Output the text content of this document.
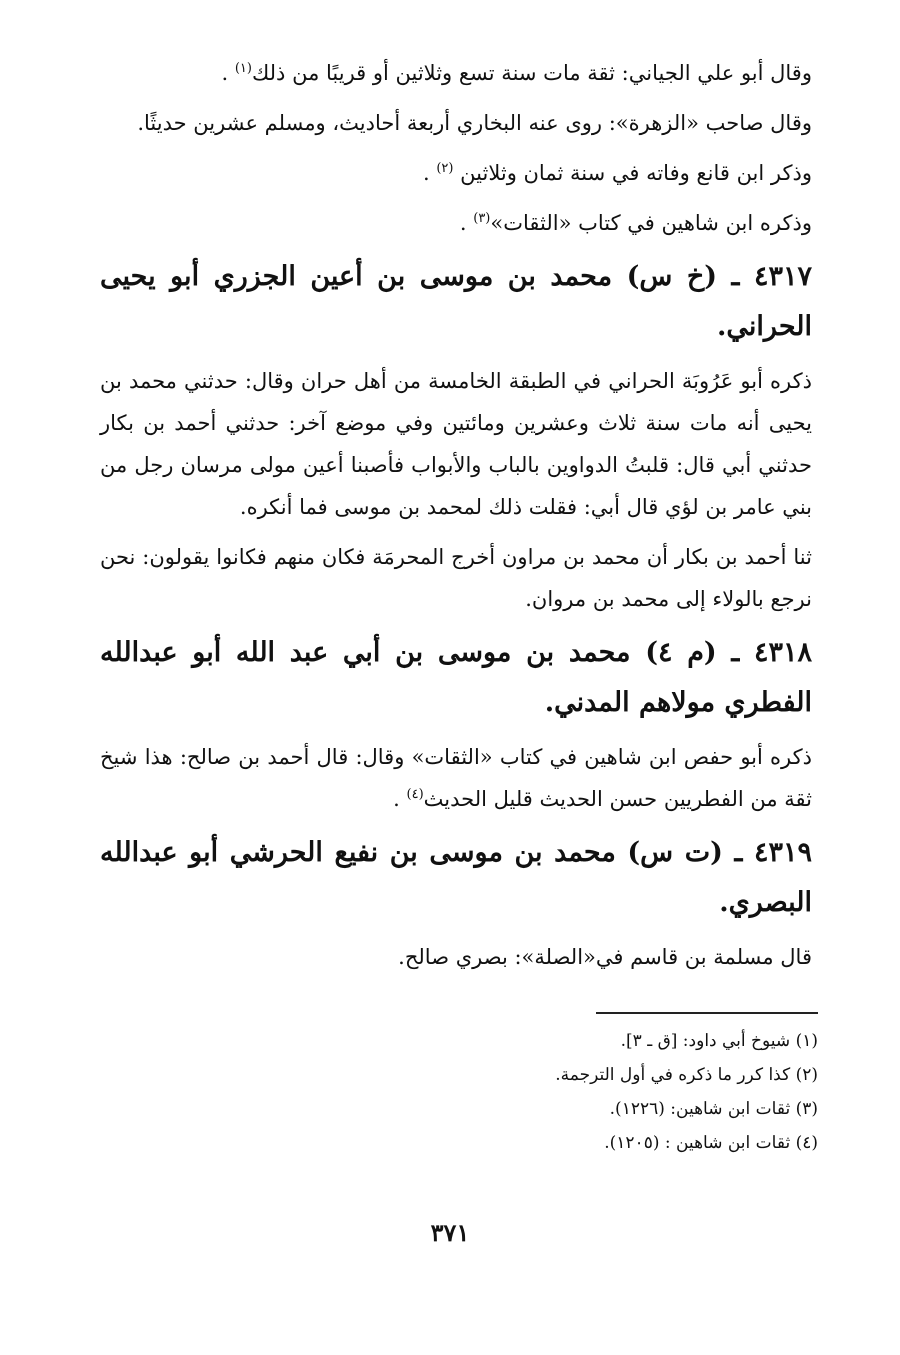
وقال أبو علي الجياني: ثقة مات سنة تسع وثلاثين أو قريبًا من ذلك$^{(١)}$ .

وقال صاحب «الزهرة»: روى عنه البخاري أربعة أحاديث، ومسلم عشرين حديثًا.

وذكر ابن قانع وفاته في سنة ثمان وثلاثين $^{(٢)}$ .

وذكره ابن شاهين في كتاب «الثقات»$^{(٣)}$ .

٤٣١٧ ـ (خ س) محمد بن موسى بن أعين الجزري أبو يحيى الحراني.

ذكره أبو عَرُوبَة الحراني في الطبقة الخامسة من أهل حران وقال: حدثني محمد بن يحيى أنه مات سنة ثلاث وعشرين ومائتين وفي موضع آخر: حدثني أحمد بن بكار حدثني أبي قال: قلبتُ الدواوين بالباب والأبواب فأصبنا أعين مولى مرسان رجل من بني عامر بن لؤي قال أبي: فقلت ذلك لمحمد بن موسى فما أنكره.

ثنا أحمد بن بكار أن محمد بن مراون أخرج المحرمَة فكان منهم فكانوا يقولون: نحن نرجع بالولاء إلى محمد بن مروان.

٤٣١٨ ـ (م ٤) محمد بن موسى بن أبي عبد الله أبو عبدالله الفطري مولاهم المدني.

ذكره أبو حفص ابن شاهين في كتاب «الثقات» وقال: قال أحمد بن صالح: هذا شيخ ثقة من الفطريين حسن الحديث قليل الحديث$^{(٤)}$ .

٤٣١٩ ـ (ت س) محمد بن موسى بن نفيع الحرشي أبو عبدالله البصري.

قال مسلمة بن قاسم في«الصلة»: بصري صالح.

(١) شيوخ أبي داود: [ق ـ ٣].

(٢) كذا كرر ما ذكره في أول الترجمة.

(٣) ثقات ابن شاهين: (١٢٢٦).

(٤) ثقات ابن شاهين : (١٢٠٥).

٣٧١
